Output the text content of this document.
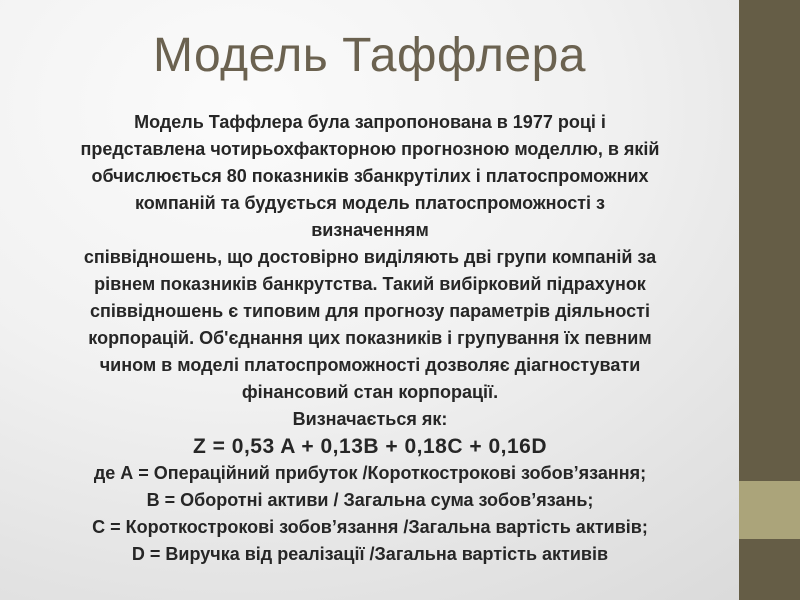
Модель Таффлера
Модель Таффлера була запропонована в 1977 році і
представлена чотирьохфакторною прогнозною моделлю, в якій
обчислюється 80 показників збанкрутілих і платоспроможних
компаній та будується модель платоспроможності з
визначенням
співвідношень, що достовірно виділяють дві групи компаній за
рівнем показників банкрутства. Такий вибірковий підрахунок
співвідношень є типовим для прогнозу параметрів діяльності
корпорацій. Об'єднання цих показників і групування їх певним
чином в моделі платоспроможності дозволяє діагностувати
фінансовий стан корпорації.
Визначається як:
Z = 0,53 A + 0,13B + 0,18C + 0,16D
де А = Операційний прибуток /Короткострокові зобов’язання;
В = Оборотні активи / Загальна сума зобов’язань;
С = Короткострокові зобов’язання /Загальна вартість активів;
D = Виручка від реалізації /Загальна вартість активів
